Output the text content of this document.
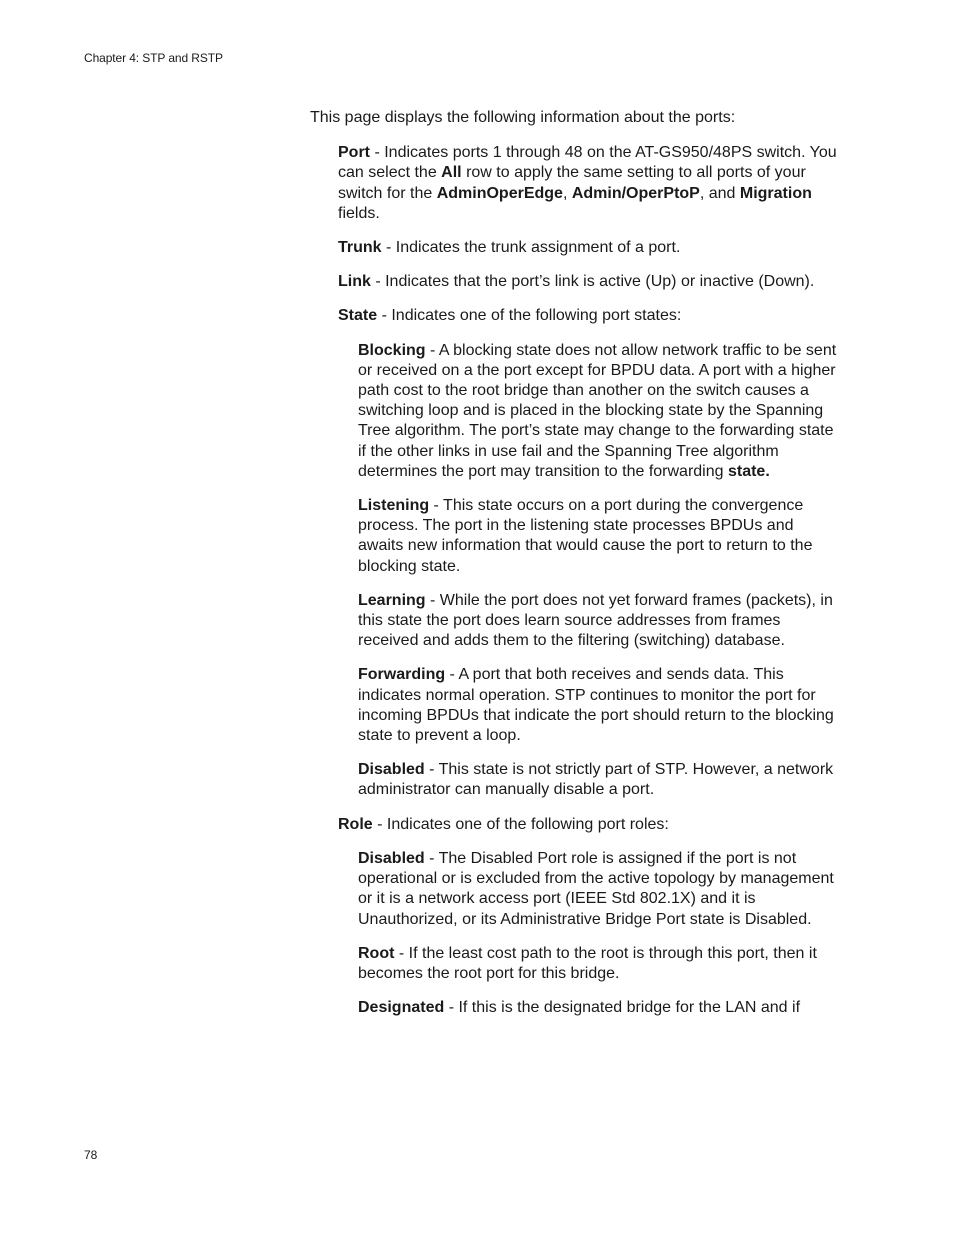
Chapter 4: STP and RSTP

This page displays the following information about the ports:

Port - Indicates ports 1 through 48 on the AT-GS950/48PS switch. You can select the All row to apply the same setting to all ports of your switch for the AdminOperEdge, Admin/OperPtoP, and Migration fields.

Trunk - Indicates the trunk assignment of a port.

Link - Indicates that the port’s link is active (Up) or inactive (Down).

State - Indicates one of the following port states:

Blocking - A blocking state does not allow network traffic to be sent or received on a the port except for BPDU data. A port with a higher path cost to the root bridge than another on the switch causes a switching loop and is placed in the blocking state by the Spanning Tree algorithm. The port’s state may change to the forwarding state if the other links in use fail and the Spanning Tree algorithm determines the port may transition to the forwarding state.

Listening - This state occurs on a port during the convergence process. The port in the listening state processes BPDUs and awaits new information that would cause the port to return to the blocking state.

Learning - While the port does not yet forward frames (packets), in this state the port does learn source addresses from frames received and adds them to the filtering (switching) database.

Forwarding - A port that both receives and sends data. This indicates normal operation. STP continues to monitor the port for incoming BPDUs that indicate the port should return to the blocking state to prevent a loop.

Disabled - This state is not strictly part of STP. However, a network administrator can manually disable a port.

Role - Indicates one of the following port roles:

Disabled - The Disabled Port role is assigned if the port is not operational or is excluded from the active topology by management or it is a network access port (IEEE Std 802.1X) and it is Unauthorized, or its Administrative Bridge Port state is Disabled.

Root - If the least cost path to the root is through this port, then it becomes the root port for this bridge.

Designated - If this is the designated bridge for the LAN and if

78
